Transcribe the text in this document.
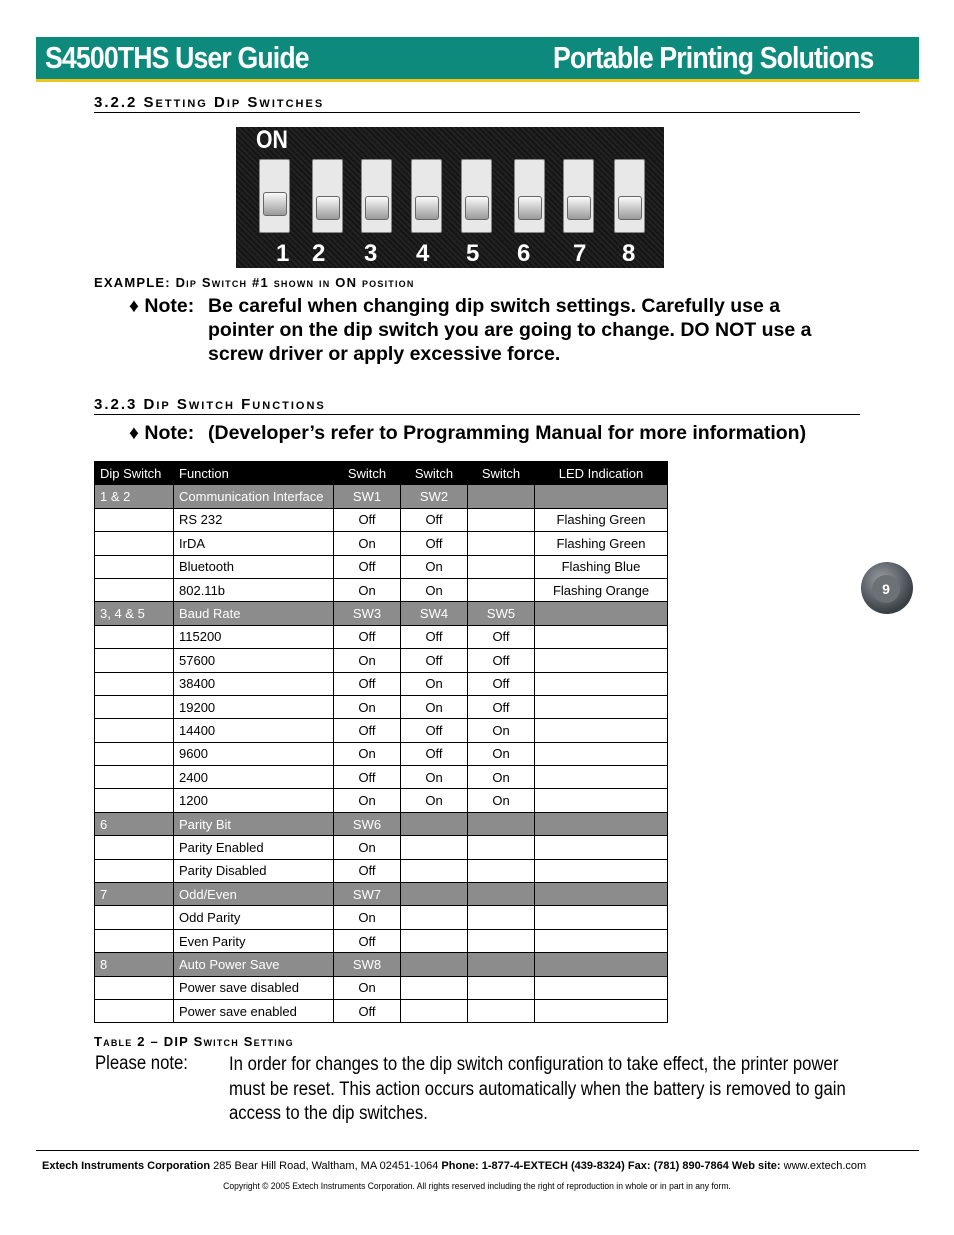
S4500THS User Guide	Portable Printing Solutions
3.2.2 Setting Dip Switches
ON
1 2 3 4 5 6 7 8
EXAMPLE: Dip Switch #1 shown in ON position
♦ Note: Be careful when changing dip switch settings. Carefully use a pointer on the dip switch you are going to change. DO NOT use a screw driver or apply excessive force.
3.2.3 Dip Switch Functions
♦ Note: (Developer’s refer to Programming Manual for more information)
Dip Switch	Function	Switch	Switch	Switch	LED Indication
1 & 2	Communication Interface	SW1	SW2		
	RS 232	Off	Off		Flashing Green
	IrDA	On	Off		Flashing Green
	Bluetooth	Off	On		Flashing Blue
	802.11b	On	On		Flashing Orange
3, 4 & 5	Baud Rate	SW3	SW4	SW5	
	115200	Off	Off	Off	
	57600	On	Off	Off	
	38400	Off	On	Off	
	19200	On	On	Off	
	14400	Off	Off	On	
	9600	On	Off	On	
	2400	Off	On	On	
	1200	On	On	On	
6	Parity Bit	SW6			
	Parity Enabled	On			
	Parity Disabled	Off			
7	Odd/Even	SW7			
	Odd Parity	On			
	Even Parity	Off			
8	Auto Power Save	SW8			
	Power save disabled	On			
	Power save enabled	Off			
Table 2 – DIP Switch Setting
Please note: In order for changes to the dip switch configuration to take effect, the printer power must be reset. This action occurs automatically when the battery is removed to gain access to the dip switches.
9
Extech Instruments Corporation 285 Bear Hill Road, Waltham, MA 02451-1064 Phone: 1-877-4-EXTECH (439-8324) Fax: (781) 890-7864 Web site: www.extech.com
Copyright © 2005 Extech Instruments Corporation. All rights reserved including the right of reproduction in whole or in part in any form.
